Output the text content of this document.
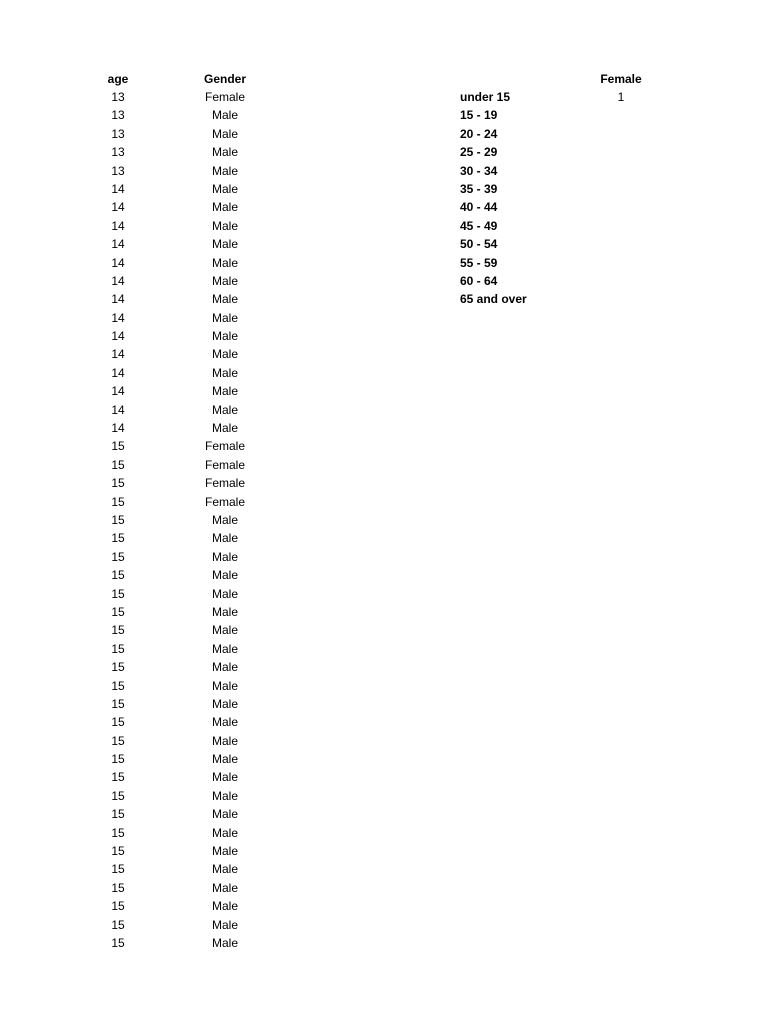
age	Gender
13
13
13
13
13
14
14
14
14
14
14
14
14
14
14
14
14
14
14
15
15
15
15
15
15
15
15
15
15
15
15
15
15
15
15
15
15
15
15
15
15
15
15
15
15
15
15
Female
Male
Male
Male
Male
Male
Male
Male
Male
Male
Male
Male
Male
Male
Male
Male
Male
Male
Male
Female
Female
Female
Female
Male
Male
Male
Male
Male
Male
Male
Male
Male
Male
Male
Male
Male
Male
Male
Male
Male
Male
Male
Male
Male
Male
Male
Male
under 15
15 - 19
20 - 24
25 - 29
30 - 34
35 - 39
40 - 44
45 - 49
50 - 54
55 - 59
60 - 64
65 and over
Female
1
